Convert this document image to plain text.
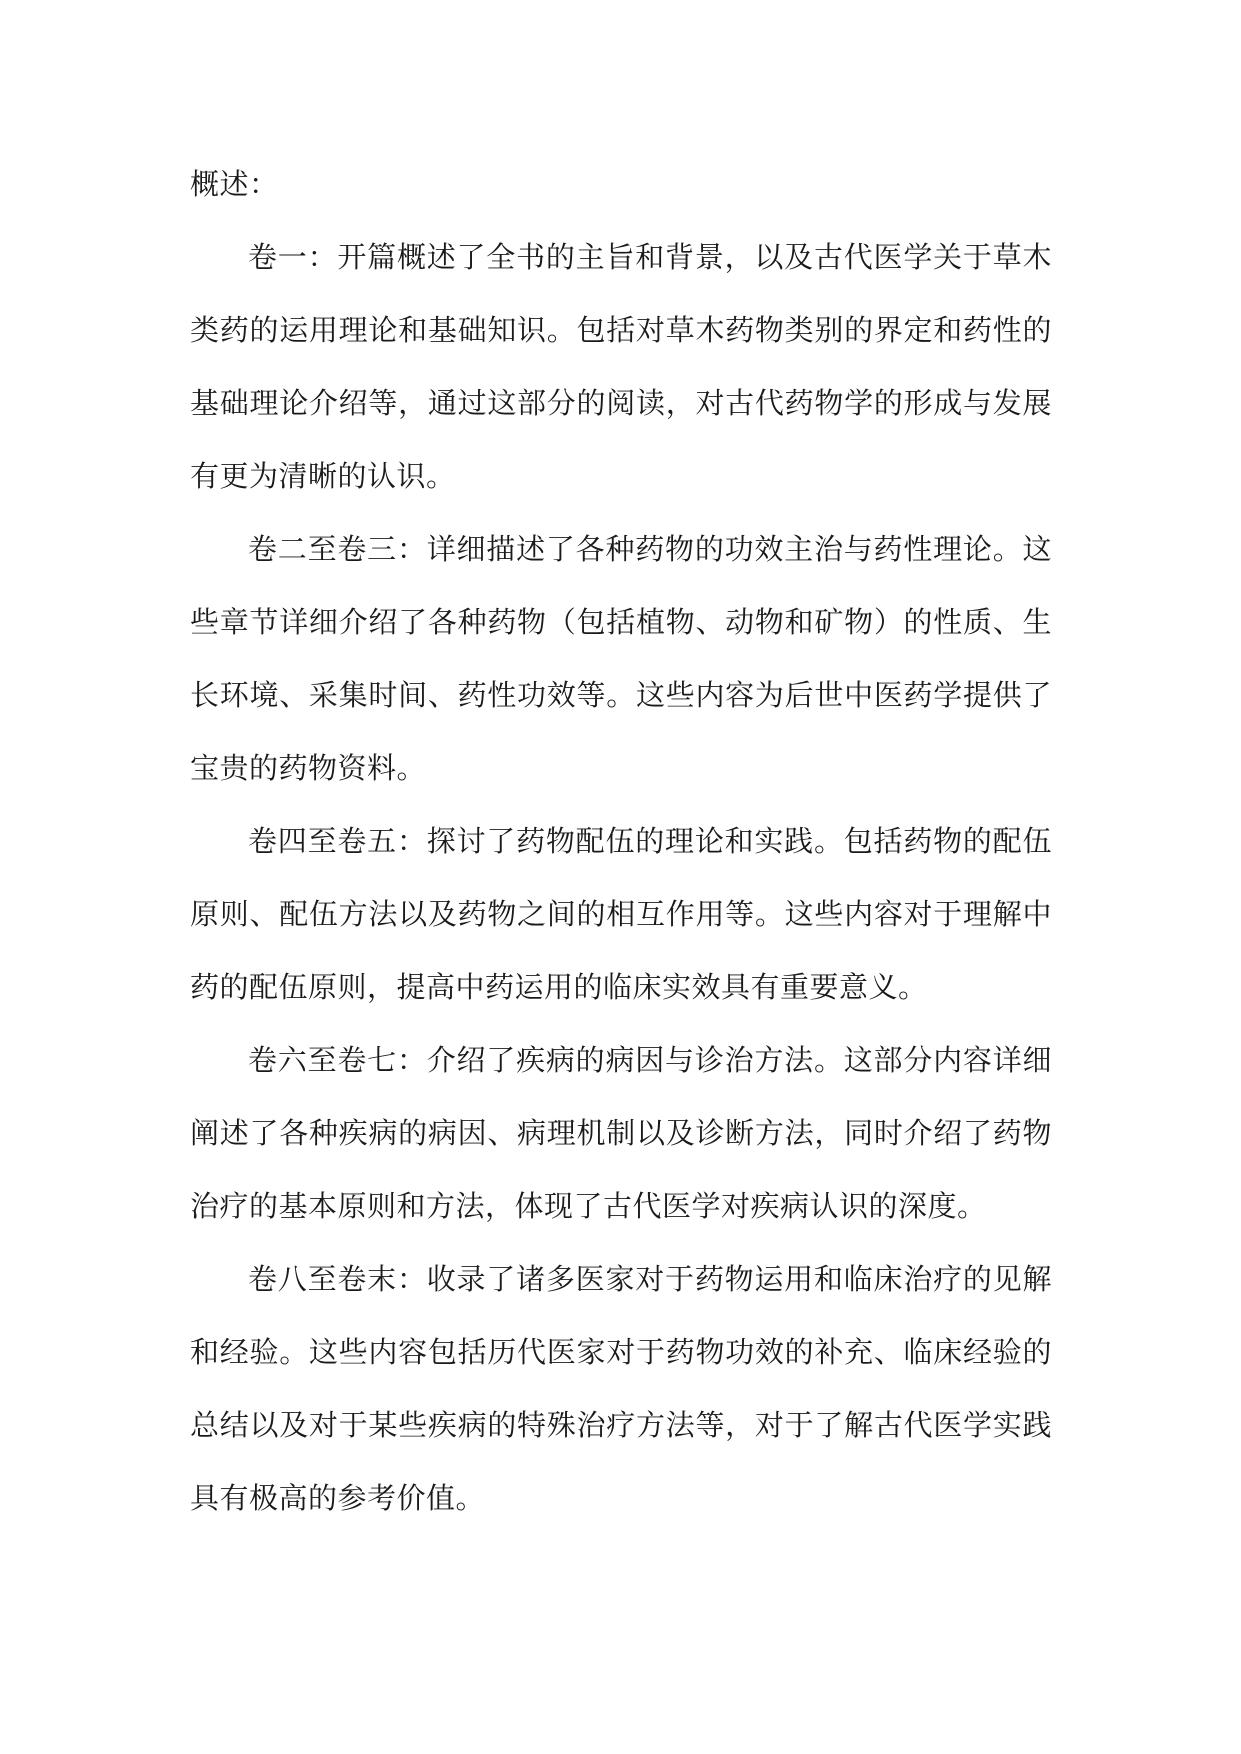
概述：

卷一：开篇概述了全书的主旨和背景，以及古代医学关于草木类药的运用理论和基础知识。包括对草木药物类别的界定和药性的基础理论介绍等，通过这部分的阅读，对古代药物学的形成与发展有更为清晰的认识。

卷二至卷三：详细描述了各种药物的功效主治与药性理论。这些章节详细介绍了各种药物（包括植物、动物和矿物）的性质、生长环境、采集时间、药性功效等。这些内容为后世中医药学提供了宝贵的药物资料。

卷四至卷五：探讨了药物配伍的理论和实践。包括药物的配伍原则、配伍方法以及药物之间的相互作用等。这些内容对于理解中药的配伍原则，提高中药运用的临床实效具有重要意义。

卷六至卷七：介绍了疾病的病因与诊治方法。这部分内容详细阐述了各种疾病的病因、病理机制以及诊断方法，同时介绍了药物治疗的基本原则和方法，体现了古代医学对疾病认识的深度。

卷八至卷末：收录了诸多医家对于药物运用和临床治疗的见解和经验。这些内容包括历代医家对于药物功效的补充、临床经验的总结以及对于某些疾病的特殊治疗方法等，对于了解古代医学实践具有极高的参考价值。
